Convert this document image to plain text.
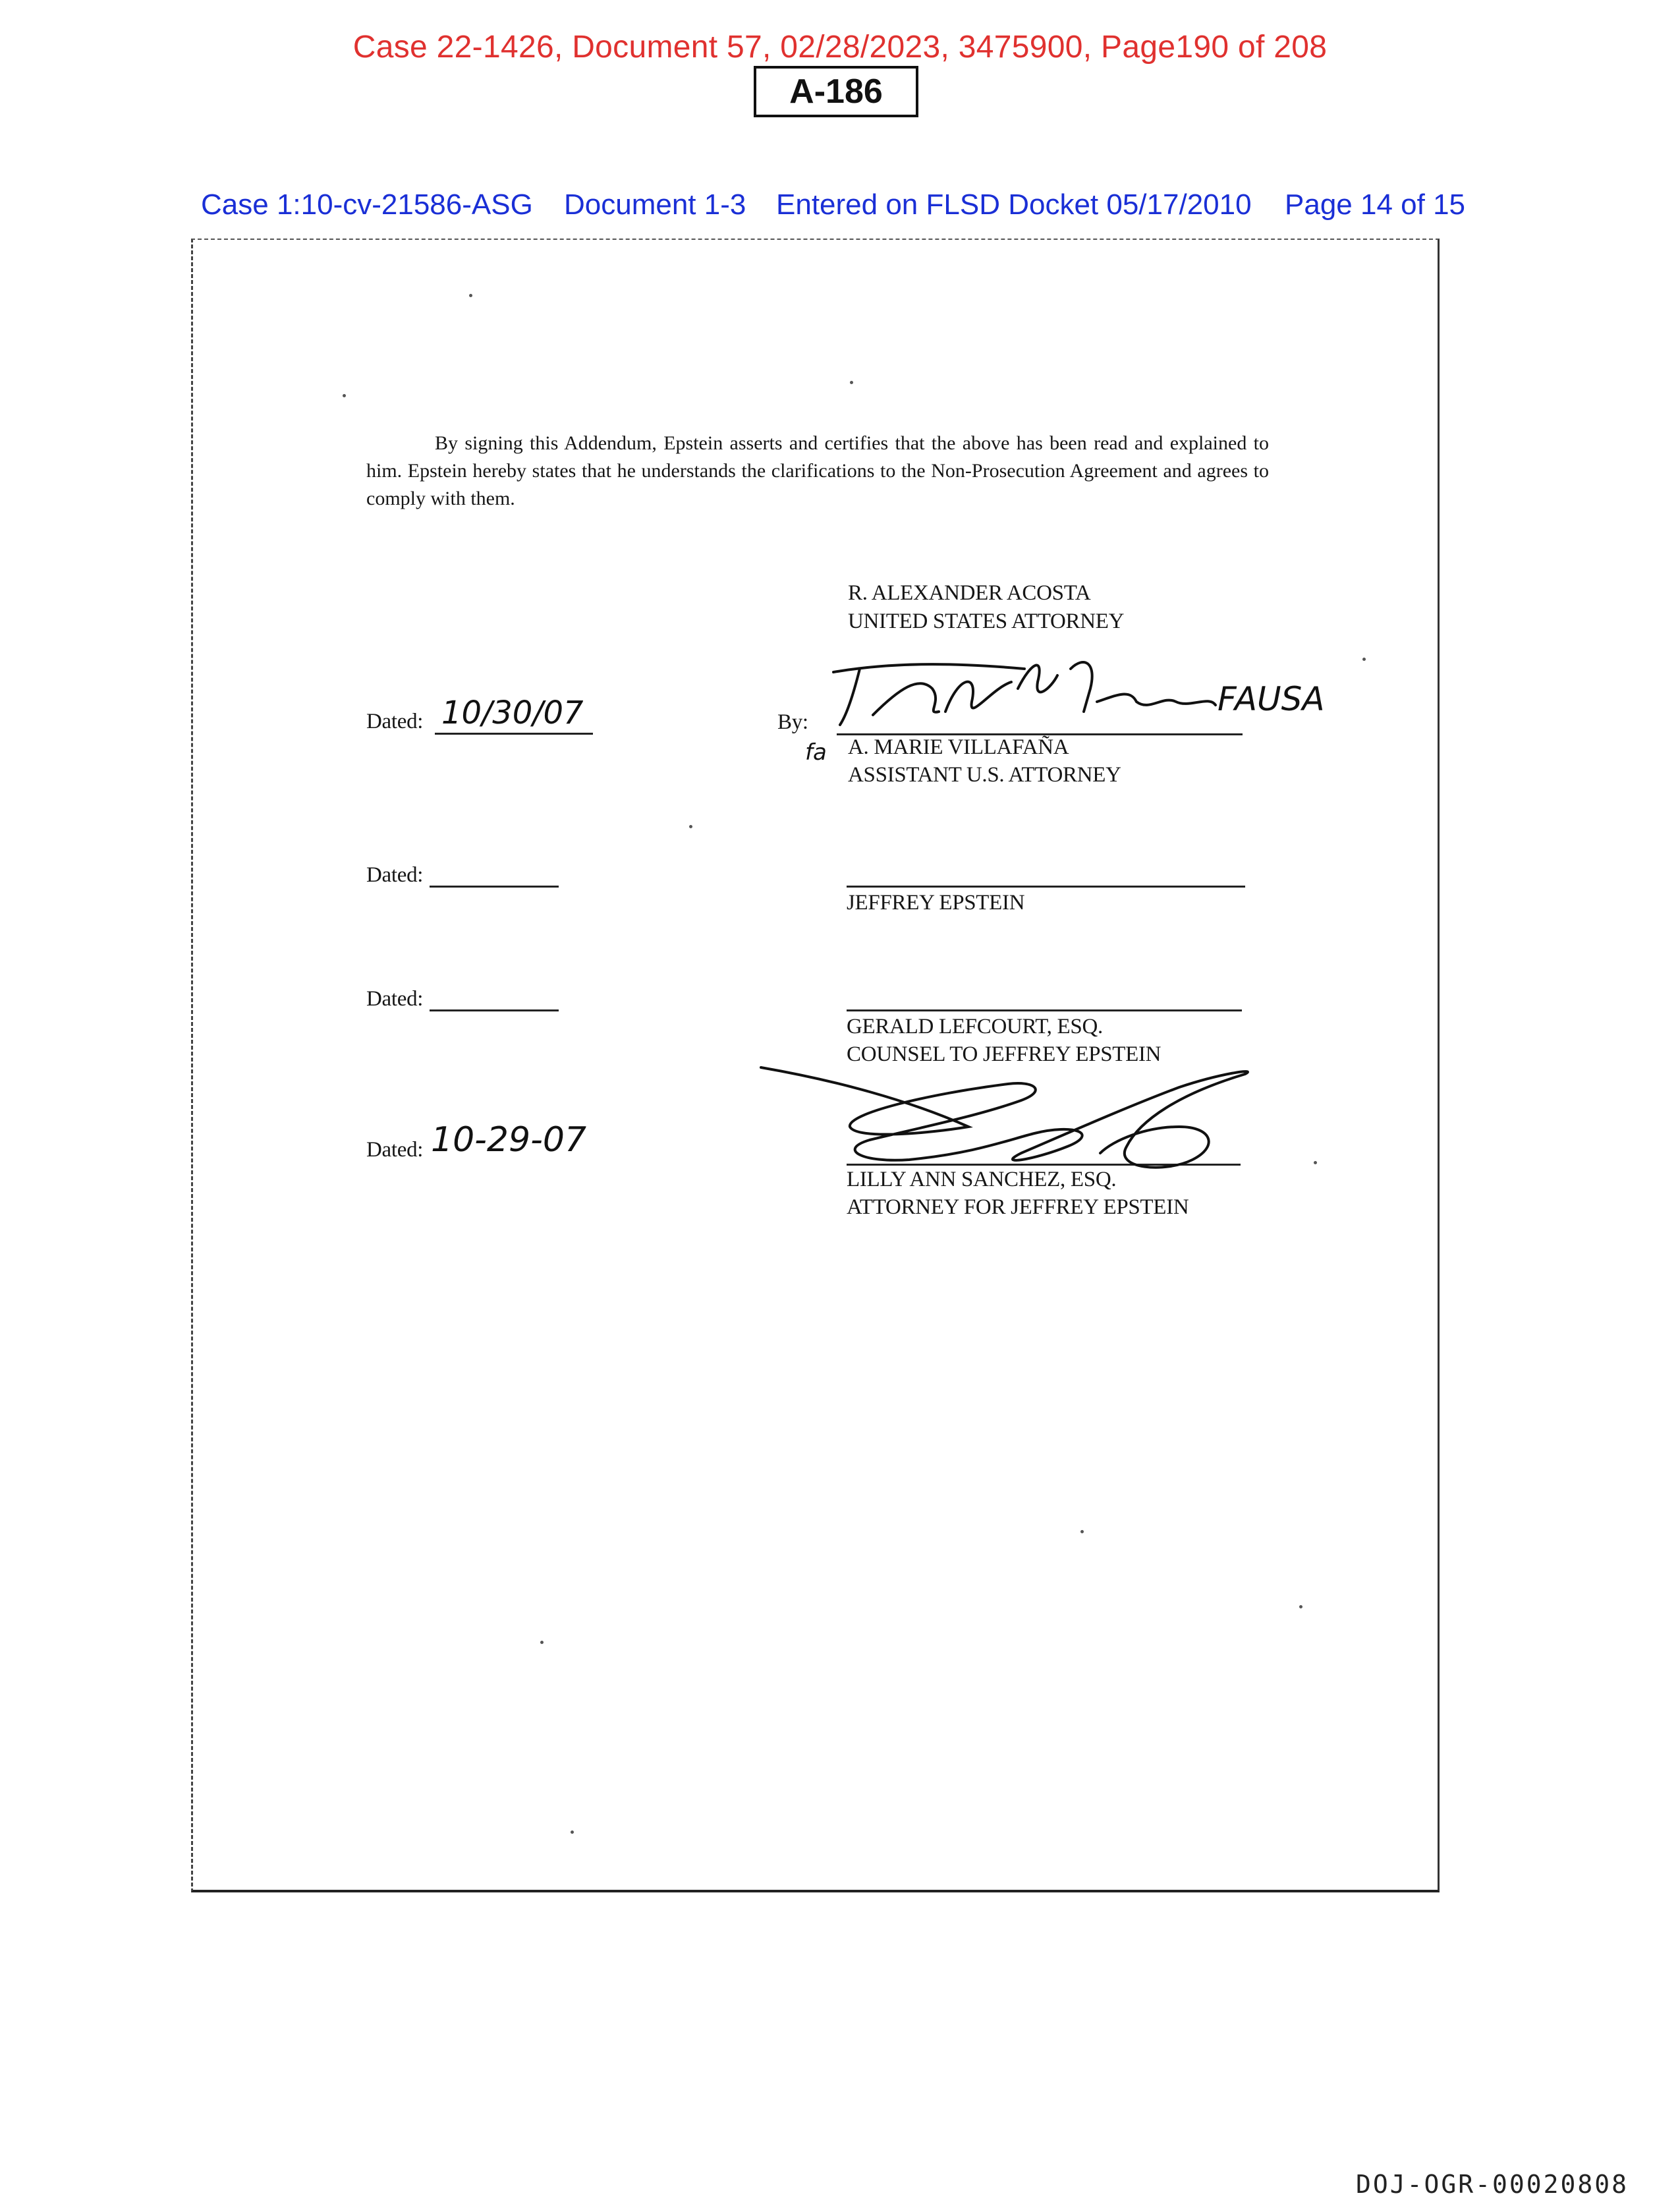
Case 22-1426, Document 57, 02/28/2023, 3475900, Page190 of 208
A-186
Case 1:10-cv-21586-ASG Document 1-3 Entered on FLSD Docket 05/17/2010 Page 14 of 15
By signing this Addendum, Epstein asserts and certifies that the above has been read and explained to him. Epstein hereby states that he understands the clarifications to the Non-Prosecution Agreement and agrees to comply with them.
R. ALEXANDER ACOSTA
UNITED STATES ATTORNEY
Dated: 10/30/07	By:
FAUSA
fa A. MARIE VILLAFAÑA
ASSISTANT U.S. ATTORNEY
Dated:
JEFFREY EPSTEIN
Dated:
GERALD LEFCOURT, ESQ.
COUNSEL TO JEFFREY EPSTEIN
Dated: 10-29-07
LILLY ANN SANCHEZ, ESQ.
ATTORNEY FOR JEFFREY EPSTEIN
DOJ-OGR-00020808
